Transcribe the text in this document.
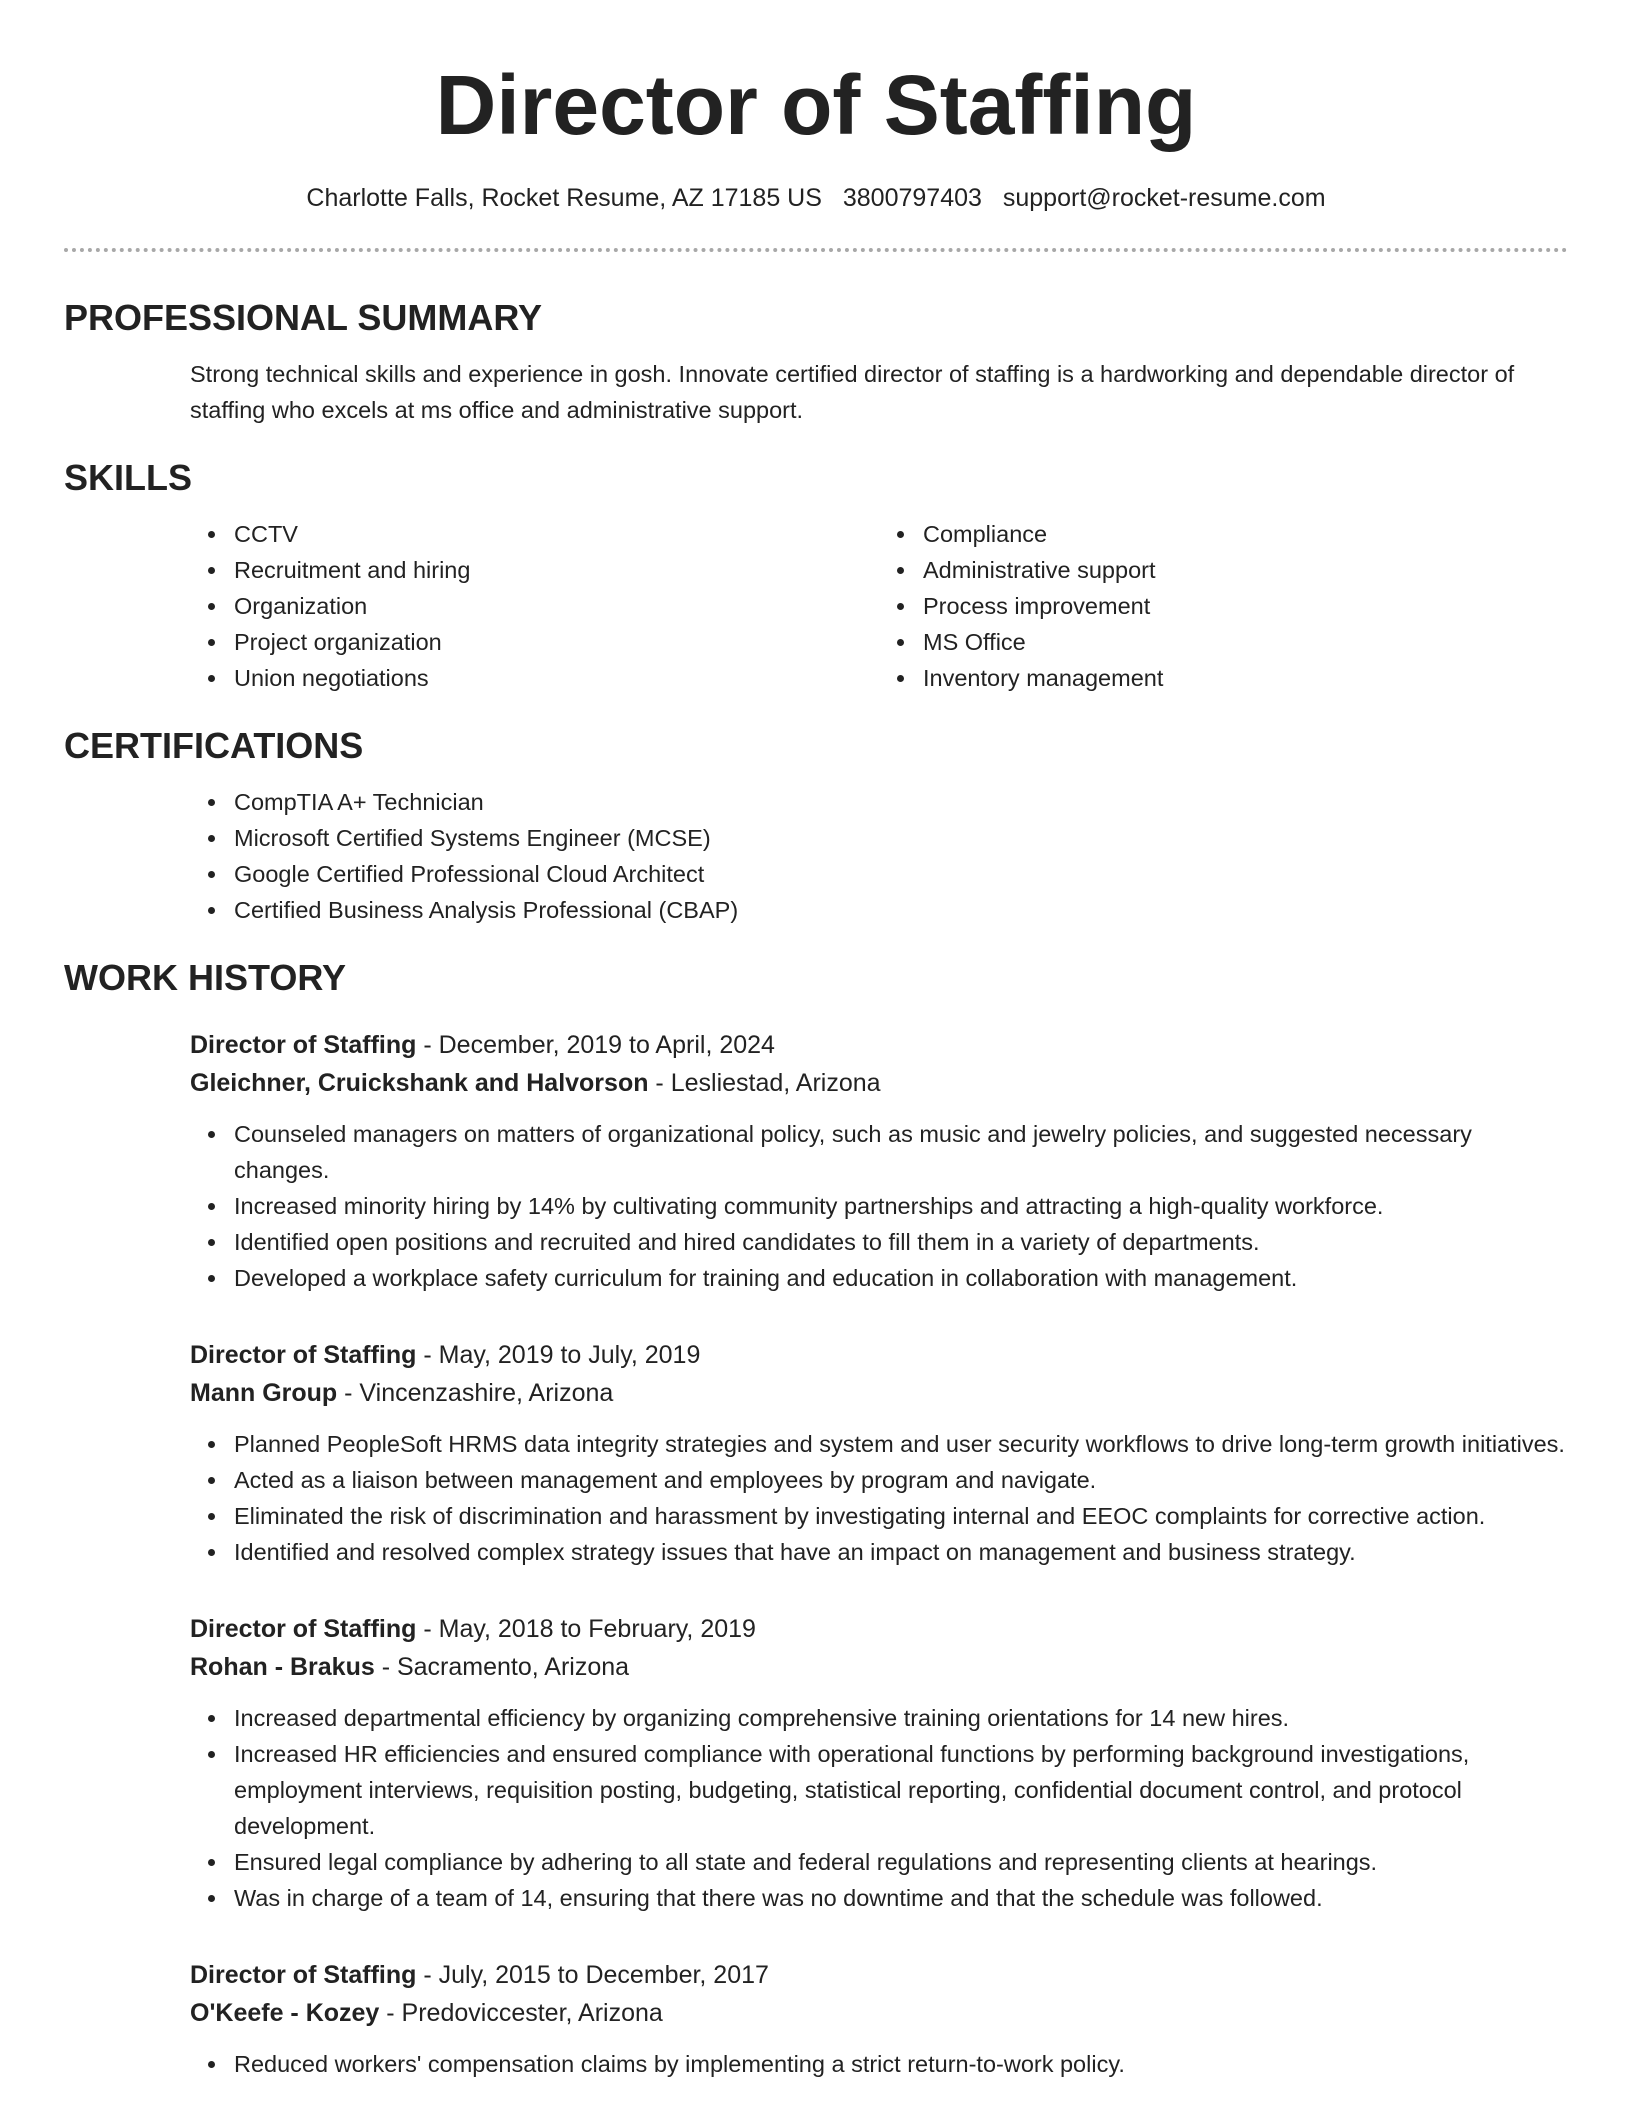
Director of Staffing
Charlotte Falls, Rocket Resume, AZ 17185 US 3800797403 support@rocket-resume.com
PROFESSIONAL SUMMARY

Strong technical skills and experience in gosh. Innovate certified director of staffing is a hardworking and dependable director of staffing who excels at ms office and administrative support.

SKILLS
CCTV
Recruitment and hiring
Organization
Project organization
Union negotiations
Compliance
Administrative support
Process improvement
MS Office
Inventory management
CERTIFICATIONS
CompTIA A+ Technician
Microsoft Certified Systems Engineer (MCSE)
Google Certified Professional Cloud Architect
Certified Business Analysis Professional (CBAP)
WORK HISTORY
Director of Staffing - December, 2019 to April, 2024
Gleichner, Cruickshank and Halvorson - Lesliestad, Arizona
Counseled managers on matters of organizational policy, such as music and jewelry policies, and suggested necessary changes.
Increased minority hiring by 14% by cultivating community partnerships and attracting a high-quality workforce.
Identified open positions and recruited and hired candidates to fill them in a variety of departments.
Developed a workplace safety curriculum for training and education in collaboration with management.
Director of Staffing - May, 2019 to July, 2019
Mann Group - Vincenzashire, Arizona
Planned PeopleSoft HRMS data integrity strategies and system and user security workflows to drive long-term growth initiatives.
Acted as a liaison between management and employees by program and navigate.
Eliminated the risk of discrimination and harassment by investigating internal and EEOC complaints for corrective action.
Identified and resolved complex strategy issues that have an impact on management and business strategy.
Director of Staffing - May, 2018 to February, 2019
Rohan - Brakus - Sacramento, Arizona
Increased departmental efficiency by organizing comprehensive training orientations for 14 new hires.
Increased HR efficiencies and ensured compliance with operational functions by performing background investigations, employment interviews, requisition posting, budgeting, statistical reporting, confidential document control, and protocol development.
Ensured legal compliance by adhering to all state and federal regulations and representing clients at hearings.
Was in charge of a team of 14, ensuring that there was no downtime and that the schedule was followed.
Director of Staffing - July, 2015 to December, 2017
O'Keefe - Kozey - Predoviccester, Arizona
Reduced workers' compensation claims by implementing a strict return-to-work policy.
